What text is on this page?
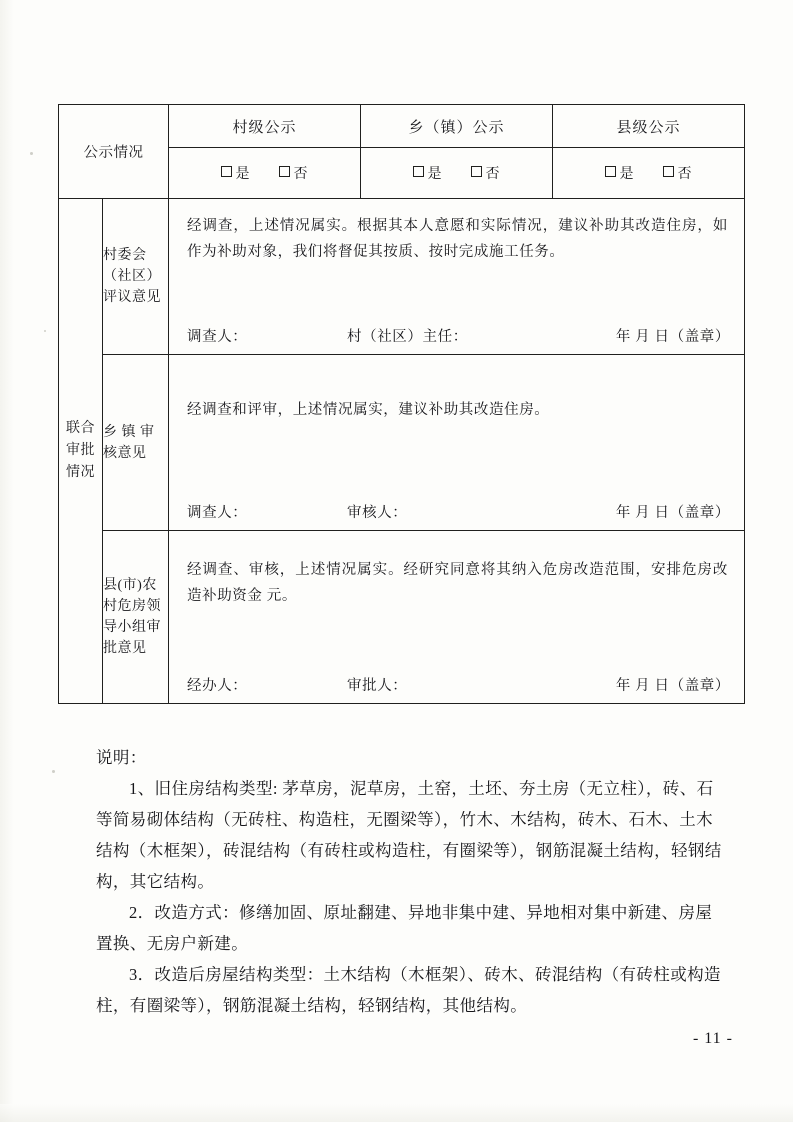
公示情况		村级公示	乡（镇）公示	县级公示
		是 否	是 否	是 否
联合审批情况	村委会（社区）评议意见	经调查，上述情况属实。根据其本人意愿和实际情况，建议补助其改造住房，如作为补助对象，我们将督促其按质、按时完成施工任务。
调查人： 村（社区）主任： 年 月 日（盖章）		

	乡 镇 审 核意见	经调查和评审，上述情况属实，建议补助其改造住房。
调查人： 审核人： 年 月 日（盖章）		

	县(市)农村危房领导小组审批意见	经调查、审核，上述情况属实。经研究同意将其纳入危房改造范围，安排危房改造补助资金 元。
经办人： 审批人： 年 月 日（盖章）		

说明：

1、旧住房结构类型: 茅草房，泥草房，土窑，土坯、夯土房（无立柱），砖、石等简易砌体结构（无砖柱、构造柱，无圈梁等），竹木、木结构，砖木、石木、土木结构（木框架），砖混结构（有砖柱或构造柱，有圈梁等），钢筋混凝土结构，轻钢结构，其它结构。

2．改造方式：修缮加固、原址翻建、异地非集中建、异地相对集中新建、房屋置换、无房户新建。

3．改造后房屋结构类型：土木结构（木框架）、砖木、砖混结构（有砖柱或构造柱，有圈梁等），钢筋混凝土结构，轻钢结构，其他结构。

- 11 -
